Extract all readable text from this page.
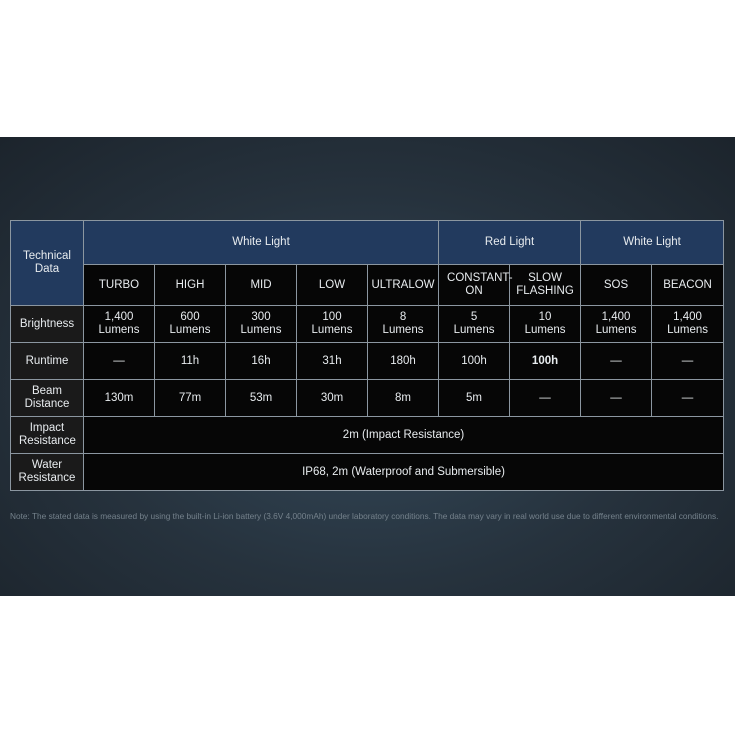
Technical Data	White Light					Red Light		White Light	
	TURBO	HIGH	MID	LOW	ULTRALOW	CONSTANT-ON	SLOW FLASHING	SOS	BEACON
Brightness	1,400 Lumens	600 Lumens	300 Lumens	100 Lumens	8 Lumens	5 Lumens	10 Lumens	1,400 Lumens	1,400 Lumens
Runtime	—	11h	16h	31h	180h	100h	100h	—	—
Beam Distance	130m	77m	53m	30m	8m	5m	—	—	—
Impact Resistance	2m (Impact Resistance)								
Water Resistance	IP68, 2m (Waterproof and Submersible)								
Note: The stated data is measured by using the built-in Li-ion battery (3.6V 4,000mAh) under laboratory conditions. The data may vary in real world use due to different environmental conditions.
